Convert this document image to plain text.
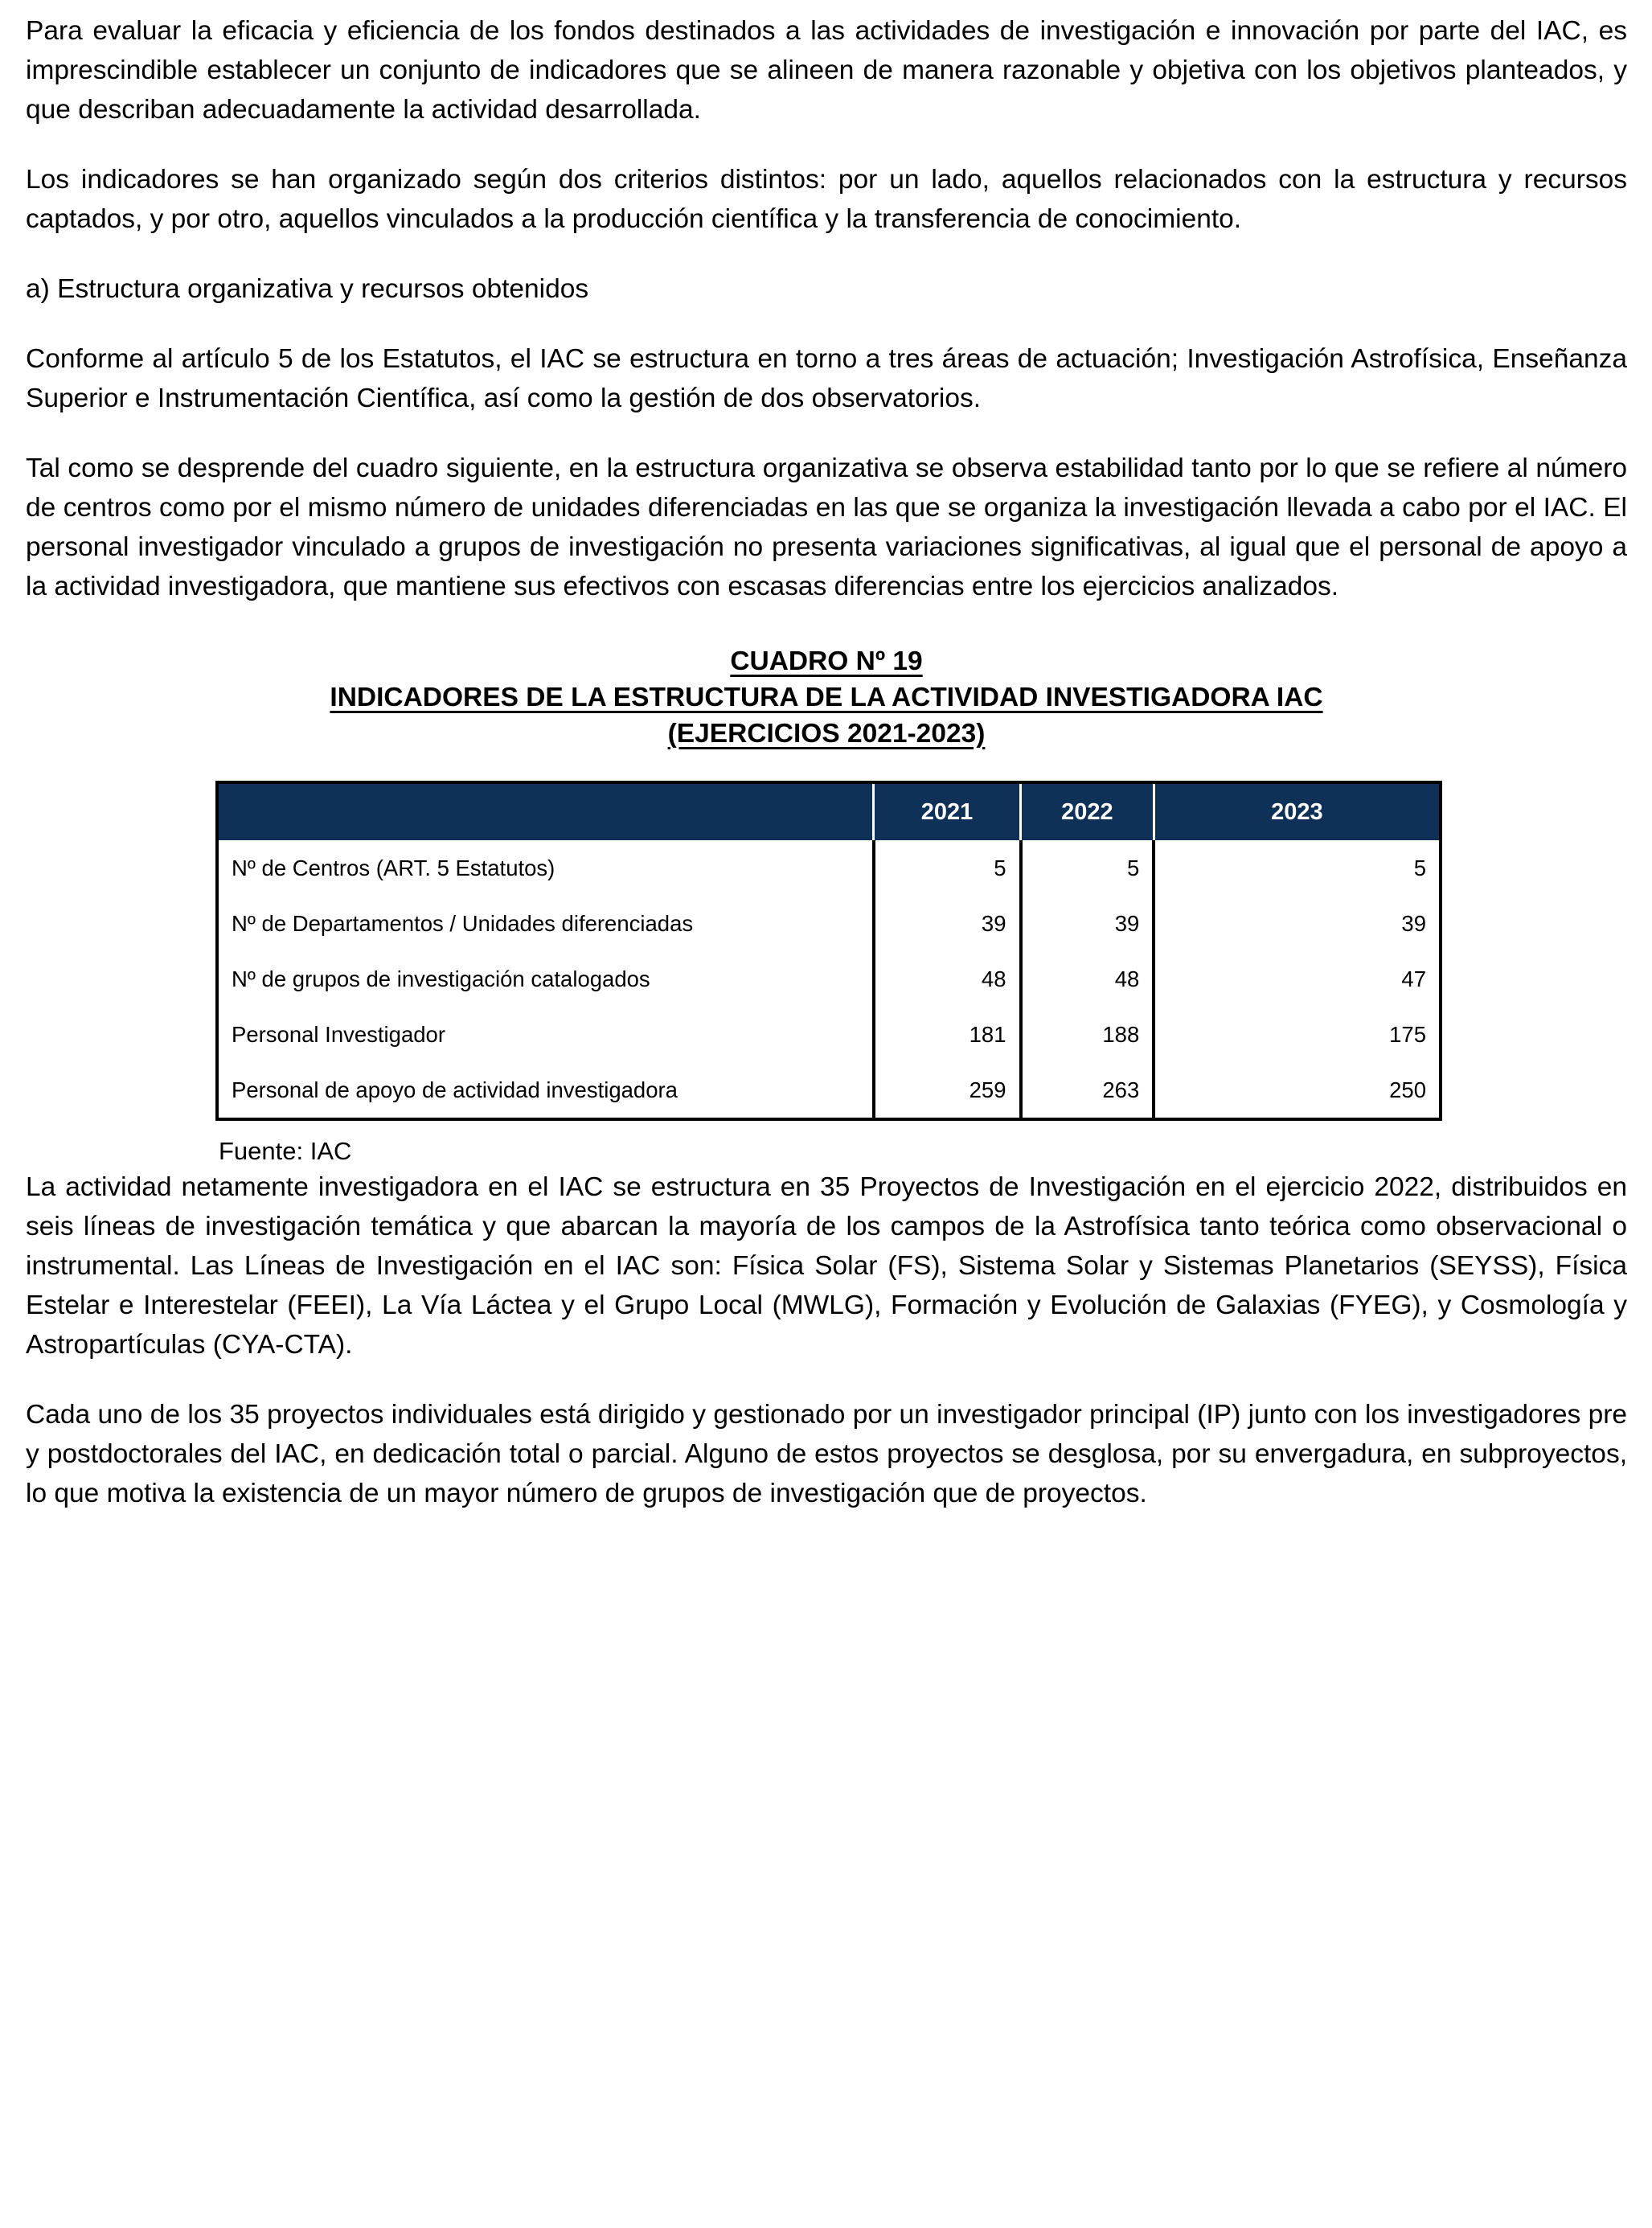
Para evaluar la eficacia y eficiencia de los fondos destinados a las actividades de investigación e innovación por parte del IAC, es imprescindible establecer un conjunto de indicadores que se alineen de manera razonable y objetiva con los objetivos planteados, y que describan adecuadamente la actividad desarrollada.

Los indicadores se han organizado según dos criterios distintos: por un lado, aquellos relacionados con la estructura y recursos captados, y por otro, aquellos vinculados a la producción científica y la transferencia de conocimiento.

a) Estructura organizativa y recursos obtenidos

Conforme al artículo 5 de los Estatutos, el IAC se estructura en torno a tres áreas de actuación; Investigación Astrofísica, Enseñanza Superior e Instrumentación Científica, así como la gestión de dos observatorios.

Tal como se desprende del cuadro siguiente, en la estructura organizativa se observa estabilidad tanto por lo que se refiere al número de centros como por el mismo número de unidades diferenciadas en las que se organiza la investigación llevada a cabo por el IAC. El personal investigador vinculado a grupos de investigación no presenta variaciones significativas, al igual que el personal de apoyo a la actividad investigadora, que mantiene sus efectivos con escasas diferencias entre los ejercicios analizados.

CUADRO Nº 19
INDICADORES DE LA ESTRUCTURA DE LA ACTIVIDAD INVESTIGADORA IAC
(EJERCICIOS 2021-2023)
	2021	2022	2023
Nº de Centros (ART. 5 Estatutos)	5	5	5
Nº de Departamentos / Unidades diferenciadas	39	39	39
Nº de grupos de investigación catalogados	48	48	47
Personal Investigador	181	188	175
Personal de apoyo de actividad investigadora	259	263	250

Fuente: IAC

La actividad netamente investigadora en el IAC se estructura en 35 Proyectos de Investigación en el ejercicio 2022, distribuidos en seis líneas de investigación temática y que abarcan la mayoría de los campos de la Astrofísica tanto teórica como observacional o instrumental. Las Líneas de Investigación en el IAC son: Física Solar (FS), Sistema Solar y Sistemas Planetarios (SEYSS), Física Estelar e Interestelar (FEEI), La Vía Láctea y el Grupo Local (MWLG), Formación y Evolución de Galaxias (FYEG), y Cosmología y Astropartículas (CYA-CTA).

Cada uno de los 35 proyectos individuales está dirigido y gestionado por un investigador principal (IP) junto con los investigadores pre y postdoctorales del IAC, en dedicación total o parcial. Alguno de estos proyectos se desglosa, por su envergadura, en subproyectos, lo que motiva la existencia de un mayor número de grupos de investigación que de proyectos.
